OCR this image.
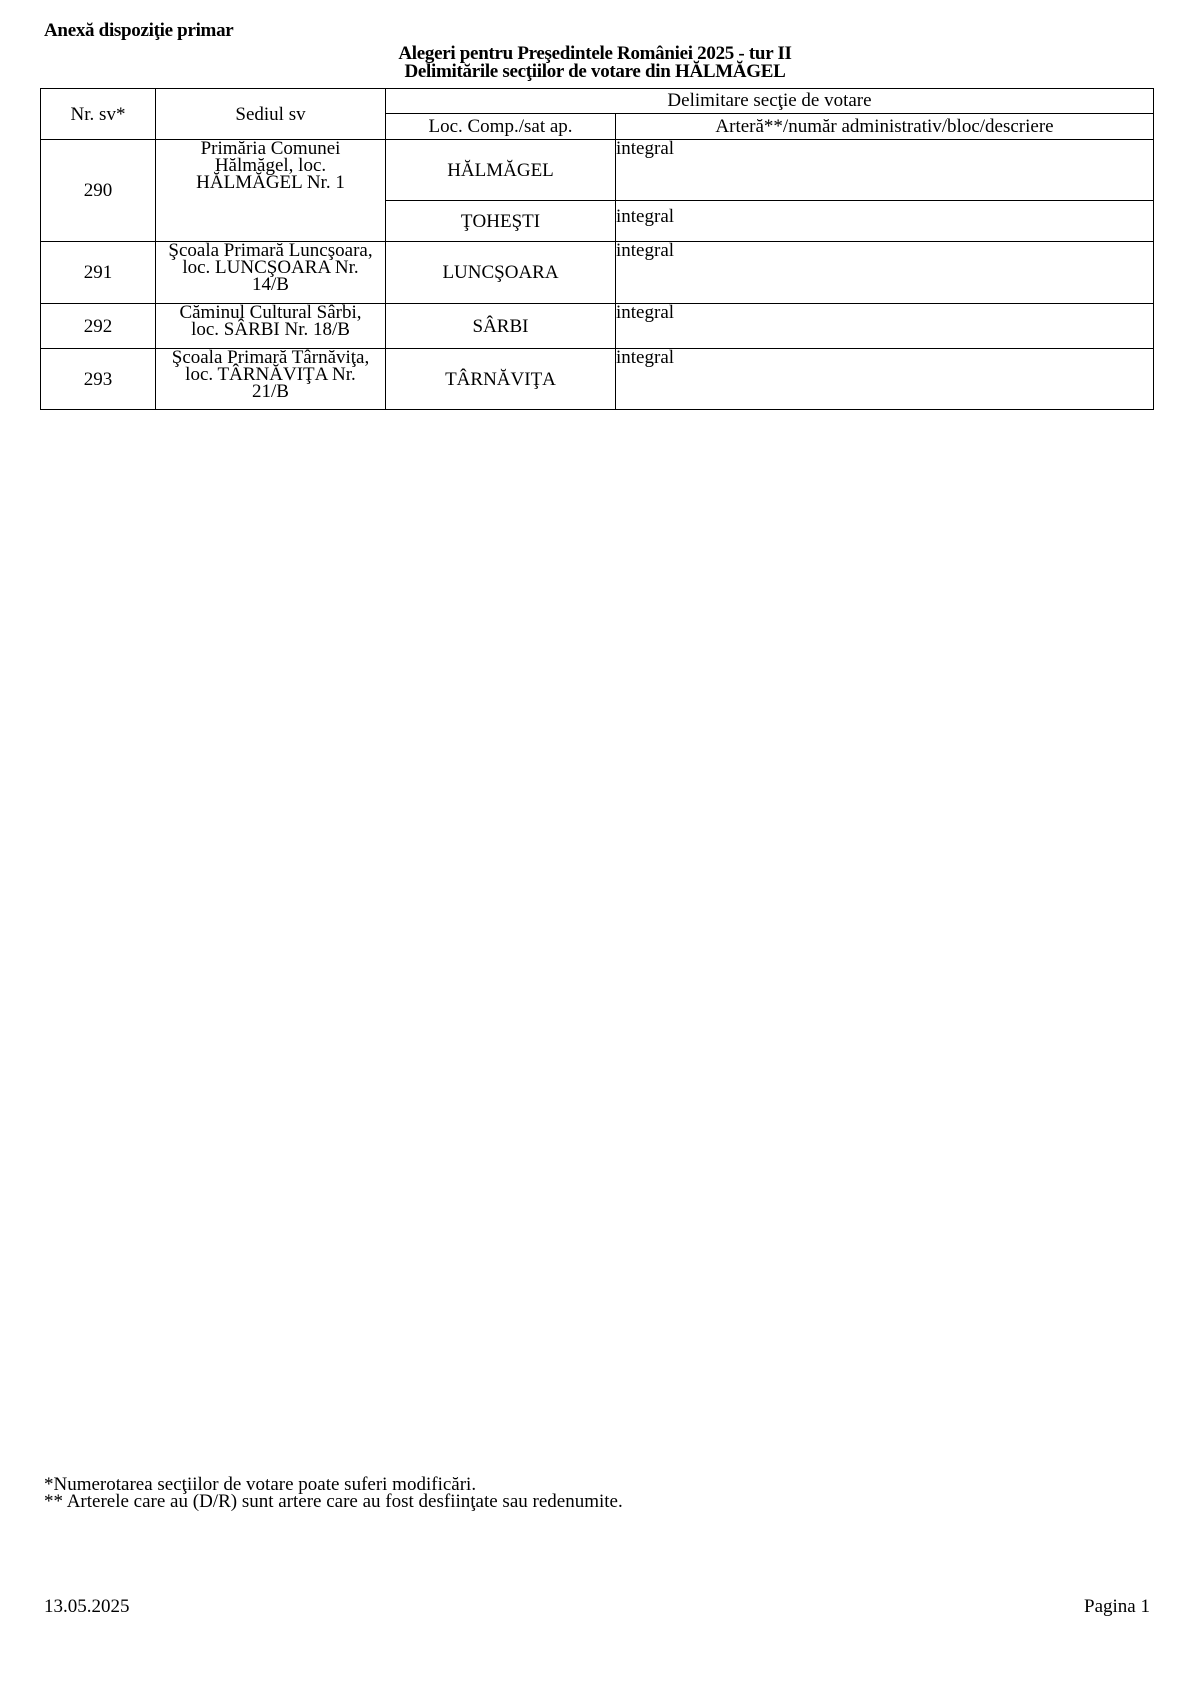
Anexă dispoziţie primar
Alegeri pentru Preşedintele României 2025 - tur II
Delimitările secţiilor de votare din HĂLMĂGEL
Nr. sv*	Sediul sv	Delimitare secţie de votare	
		Loc. Comp./sat ap.	Arteră**/număr administrativ/bloc/descriere
290	Primăria Comunei
Hălmăgel, loc.
HĂLMĂGEL Nr. 1	HĂLMĂGEL	integral
		ŢOHEŞTI	integral
291	Şcoala Primară Luncşoara,
loc. LUNCŞOARA Nr.
14/B	LUNCŞOARA	integral
292	Căminul Cultural Sârbi,
loc. SÂRBI Nr. 18/B	SÂRBI	integral
293	Şcoala Primară Târnăviţa,
loc. TÂRNĂVIŢA Nr.
21/B	TÂRNĂVIŢA	integral
*Numerotarea secţiilor de votare poate suferi modificări.
** Arterele care au (D/R) sunt artere care au fost desfiinţate sau redenumite.
13.05.2025	Pagina 1
